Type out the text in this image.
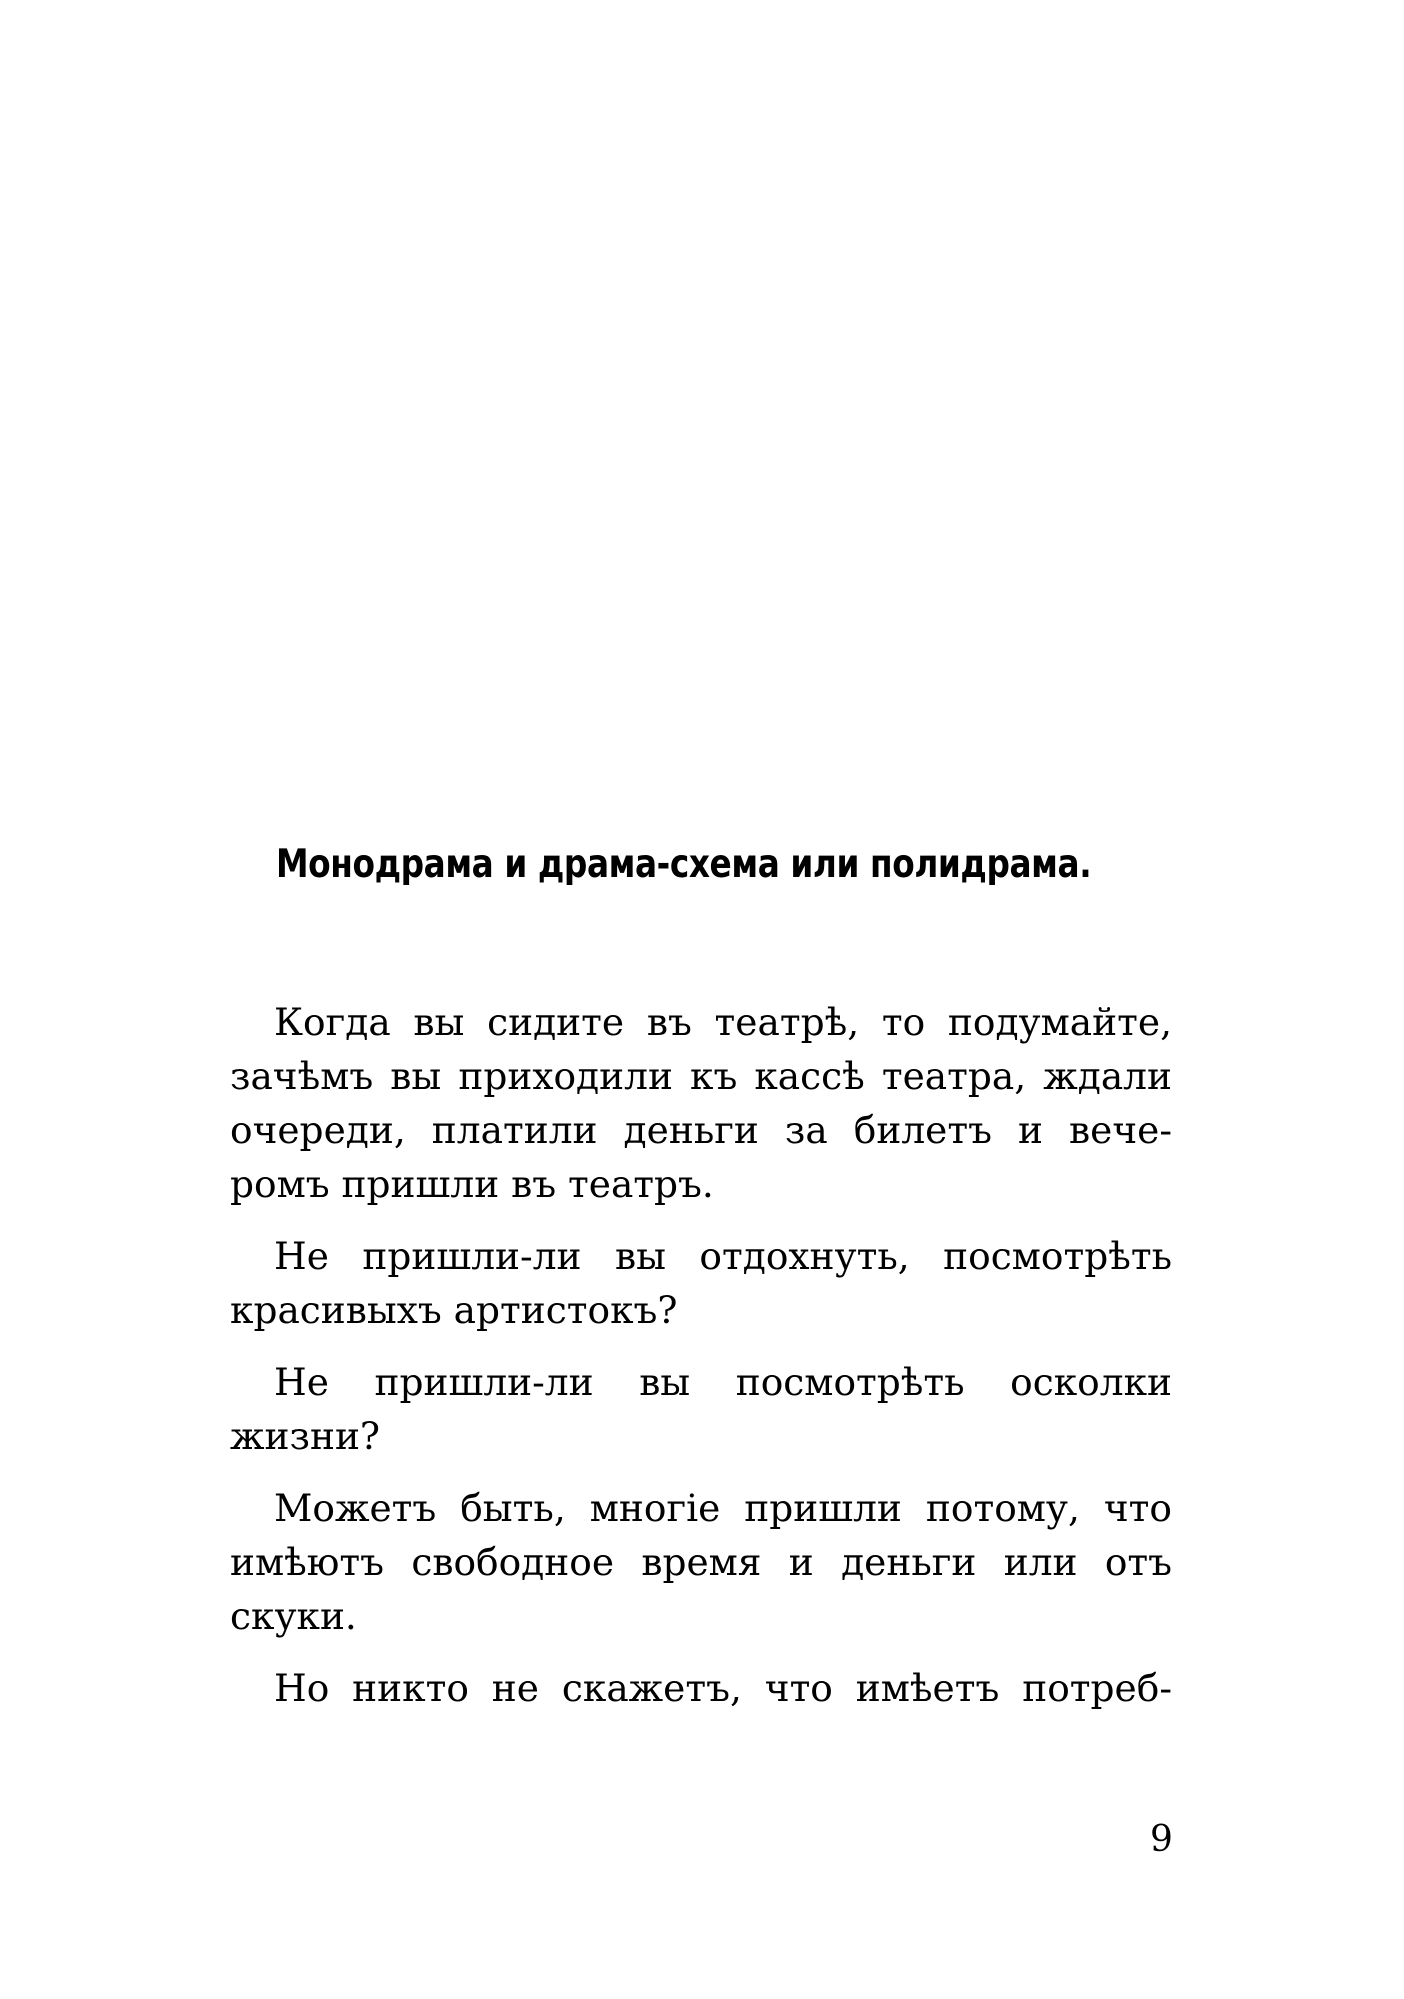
Монодрама и драма-схема или полидрама.

Когда вы сидите въ театрѣ, то подумайте,
зачѣмъ вы приходили къ кассѣ театра, ждали
очереди, платили деньги за билетъ и вече-
ромъ пришли въ театръ.

Не пришли-ли вы отдохнуть, посмотрѣть
красивыхъ артистокъ?

Не пришли-ли вы посмотрѣть осколки
жизни?

Можетъ быть, многіе пришли потому, что
имѣютъ свободное время и деньги или отъ
скуки.

Но никто не скажетъ, что имѣетъ потреб-

9
